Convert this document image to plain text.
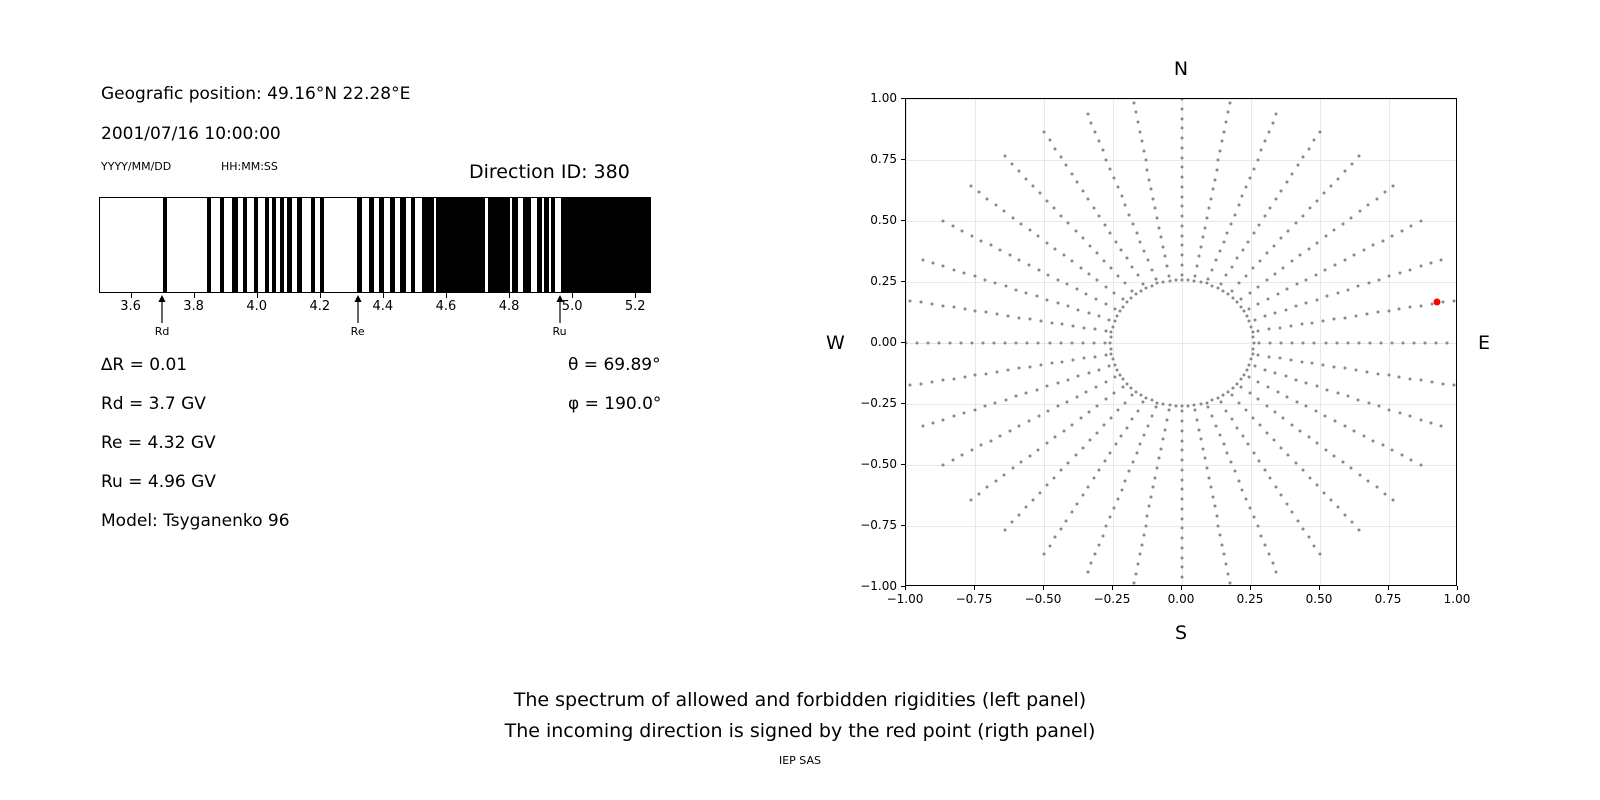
Geografic position: 49.16°N 22.28°E
2001/07/16 10:00:00
YYYY/MM/DD	HH:MM:SS	Direction ID: 380
3.6	3.8	4.0	4.2	4.4	4.6	4.8	5.0	5.2
Rd	Re	Ru
∆R = 0.01
Rd = 3.7 GV
Re = 4.32 GV
Ru = 4.96 GV
Model: Tsyganenko 96
θ = 69.89°
φ = 190.0°
N
S
W	E
−1.00	−0.75	−0.50	−0.25	0.00	0.25	0.50	0.75	1.00
−1.00
−0.75
−0.50
−0.25
0.00
0.25
0.50
0.75
1.00
The spectrum of allowed and forbidden rigidities (left panel)
The incoming direction is signed by the red point (rigth panel)
IEP SAS
